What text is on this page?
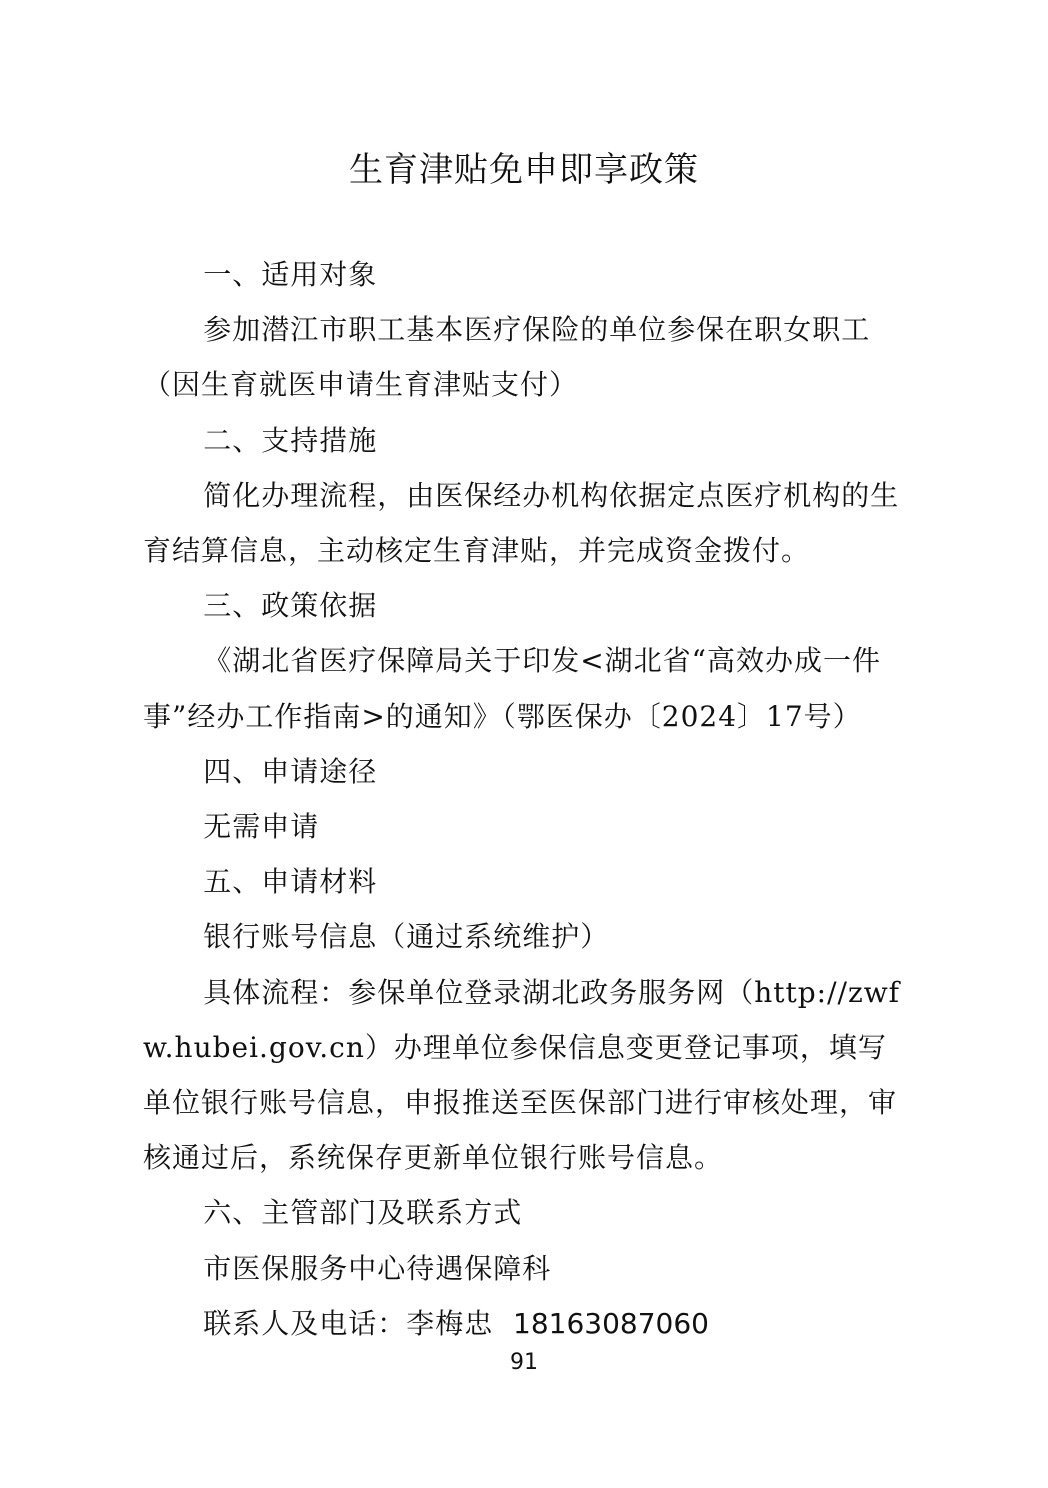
生育津贴免申即享政策

一、适用对象

参加潜江市职工基本医疗保险的单位参保在职女职工（因生育就医申请生育津贴支付）

二、支持措施

简化办理流程，由医保经办机构依据定点医疗机构的生育结算信息，主动核定生育津贴，并完成资金拨付。

三、政策依据

《湖北省医疗保障局关于印发<湖北省“高效办成一件事”经办工作指南>的通知》（鄂医保办〔2024〕17号）

四、申请途径

无需申请

五、申请材料

银行账号信息（通过系统维护）

具体流程：参保单位登录湖北政务服务网（http://zwfw.hubei.gov.cn）办理单位参保信息变更登记事项，填写单位银行账号信息，申报推送至医保部门进行审核处理，审核通过后，系统保存更新单位银行账号信息。

六、主管部门及联系方式

市医保服务中心待遇保障科

联系人及电话：李梅忠 18163087060

91
